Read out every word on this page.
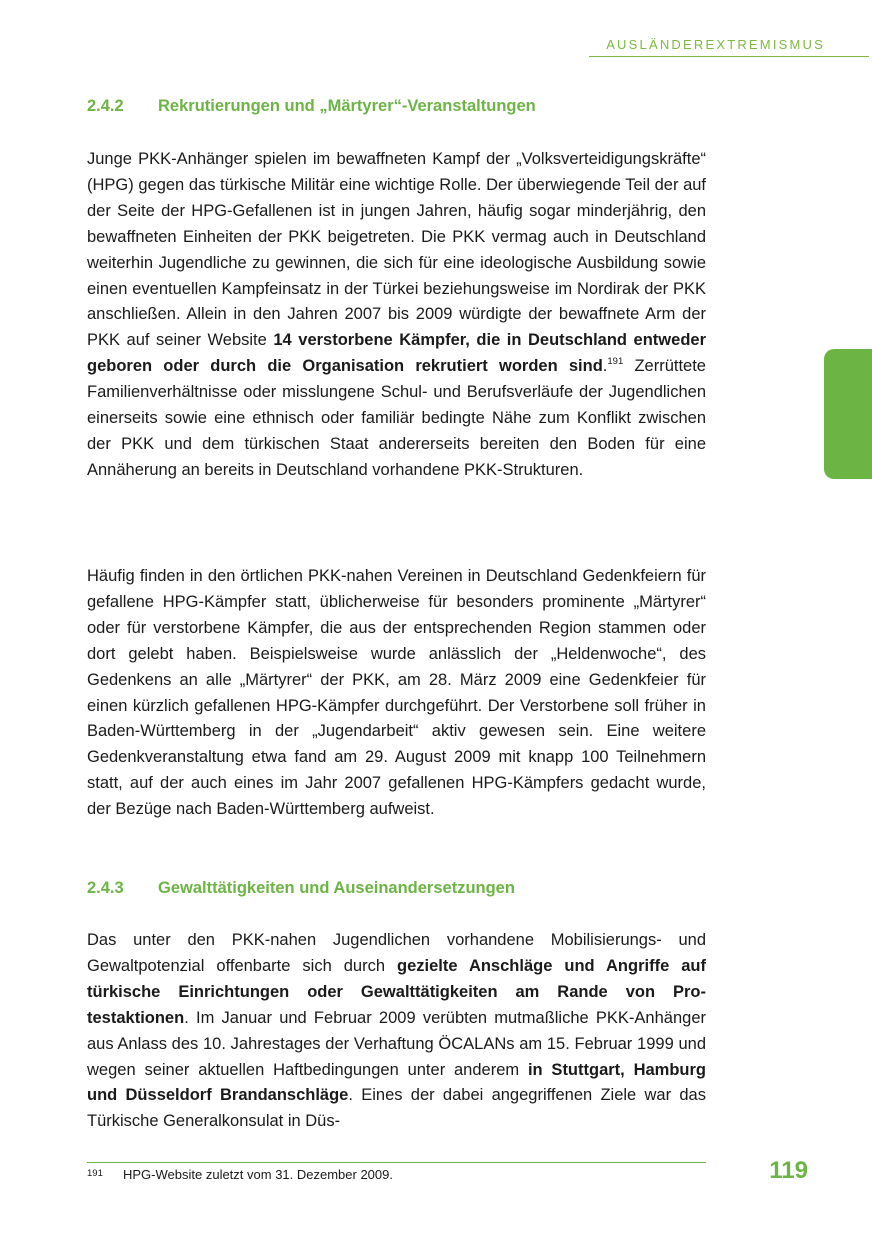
AUSLÄNDEREXTREMISMUS
2.4.2 Rekrutierungen und „Märtyrer“-Veranstaltungen
Junge PKK-Anhänger spielen im bewaffneten Kampf der „Volksverteidigungskräfte“ (HPG) gegen das türkische Militär eine wichtige Rolle. Der überwiegende Teil der auf der Seite der HPG-Gefallenen ist in jungen Jahren, häufig sogar minderjährig, den bewaffneten Einheiten der PKK beigetreten. Die PKK vermag auch in Deutschland weiterhin Jugendliche zu gewinnen, die sich für eine ideologische Ausbildung sowie einen eventuellen Kampfeinsatz in der Türkei beziehungsweise im Nordirak der PKK anschließen. Allein in den Jahren 2007 bis 2009 würdigte der bewaffnete Arm der PKK auf seiner Website 14 verstorbene Kämpfer, die in Deutschland entweder geboren oder durch die Organisation rekrutiert worden sind.$^{191}$ Zerrüttete Familienverhältnisse oder misslungene Schul- und Berufsverläufe der Jugendlichen einerseits sowie eine ethnisch oder familiär bedingte Nähe zum Konflikt zwischen der PKK und dem türkischen Staat andererseits bereiten den Boden für eine Annäherung an bereits in Deutschland vorhandene PKK-Strukturen.
Häufig finden in den örtlichen PKK-nahen Vereinen in Deutschland Gedenkfeiern für gefallene HPG-Kämpfer statt, üblicherweise für besonders prominente „Märtyrer“ oder für verstorbene Kämpfer, die aus der entsprechenden Region stammen oder dort gelebt haben. Beispielsweise wurde anlässlich der „Heldenwoche“, des Gedenkens an alle „Märtyrer“ der PKK, am 28. März 2009 eine Gedenkfeier für einen kürzlich gefallenen HPG-Kämpfer durchgeführt. Der Verstorbene soll früher in Baden-Württemberg in der „Jugendarbeit“ aktiv gewesen sein. Eine weitere Gedenkveranstaltung etwa fand am 29. August 2009 mit knapp 100 Teilnehmern statt, auf der auch eines im Jahr 2007 gefallenen HPG-Kämpfers gedacht wurde, der Bezüge nach Baden-Württemberg aufweist.
2.4.3 Gewalttätigkeiten und Auseinandersetzungen
Das unter den PKK-nahen Jugendlichen vorhandene Mobilisierungs- und Gewaltpotenzial offenbarte sich durch gezielte Anschläge und Angriffe auf türkische Einrichtungen oder Gewalttätigkeiten am Rande von Protestaktionen. Im Januar und Februar 2009 verübten mutmaßliche PKK-Anhänger aus Anlass des 10. Jahrestages der Verhaftung ÖCALANs am 15. Februar 1999 und wegen seiner aktuellen Haftbedingungen unter anderem in Stuttgart, Hamburg und Düsseldorf Brandanschläge. Eines der dabei angegriffenen Ziele war das Türkische Generalkonsulat in Düs-
191 HPG-Website zuletzt vom 31. Dezember 2009.	119
